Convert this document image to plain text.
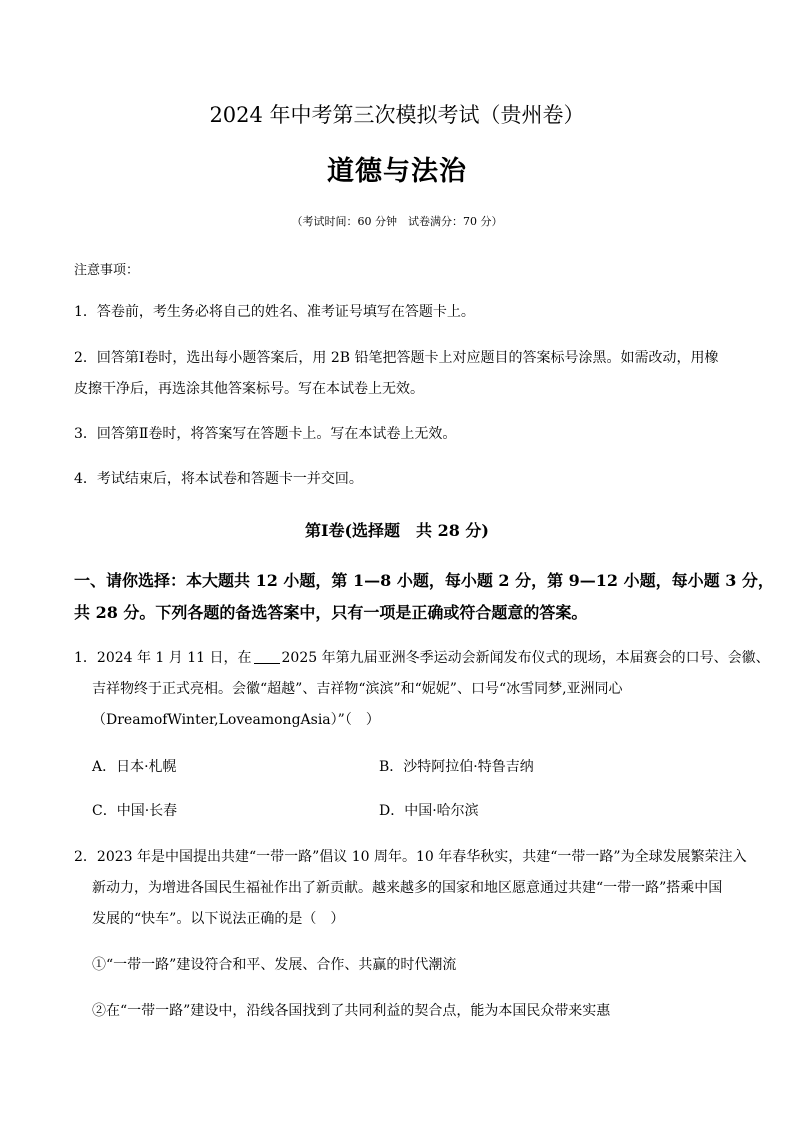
2024 年中考第三次模拟考试（贵州卷）
道德与法治
（考试时间：60 分钟　试卷满分：70 分）
注意事项：
1．答卷前，考生务必将自己的姓名、准考证号填写在答题卡上。
2．回答第Ⅰ卷时，选出每小题答案后，用 2B 铅笔把答题卡上对应题目的答案标号涂黑。如需改动，用橡
皮擦干净后，再选涂其他答案标号。写在本试卷上无效。
3．回答第Ⅱ卷时，将答案写在答题卡上。写在本试卷上无效。
4．考试结束后，将本试卷和答题卡一并交回。
第Ⅰ卷(选择题　共 28 分)
一、请你选择：本大题共 12 小题，第 1—8 小题，每小题 2 分，第 9—12 小题，每小题 3 分，
共 28 分。下列各题的备选答案中，只有一项是正确或符合题意的答案。
1．2024 年 1 月 11 日，在 2025 年第九届亚洲冬季运动会新闻发布仪式的现场，本届赛会的口号、会徽、
吉祥物终于正式亮相。会徽“超越”、吉祥物“滨滨”和“妮妮”、口号“冰雪同梦,亚洲同心
（DreamofWinter,LoveamongAsia）”（　）
A．日本·札幌	B．沙特阿拉伯·特鲁吉纳
C．中国·长春	D．中国·哈尔滨
2．2023 年是中国提出共建“一带一路”倡议 10 周年。10 年春华秋实，共建“一带一路”为全球发展繁荣注入
新动力，为增进各国民生福祉作出了新贡献。越来越多的国家和地区愿意通过共建“一带一路”搭乘中国
发展的“快车”。以下说法正确的是（　）
①“一带一路”建设符合和平、发展、合作、共赢的时代潮流
②在“一带一路”建设中，沿线各国找到了共同利益的契合点，能为本国民众带来实惠
